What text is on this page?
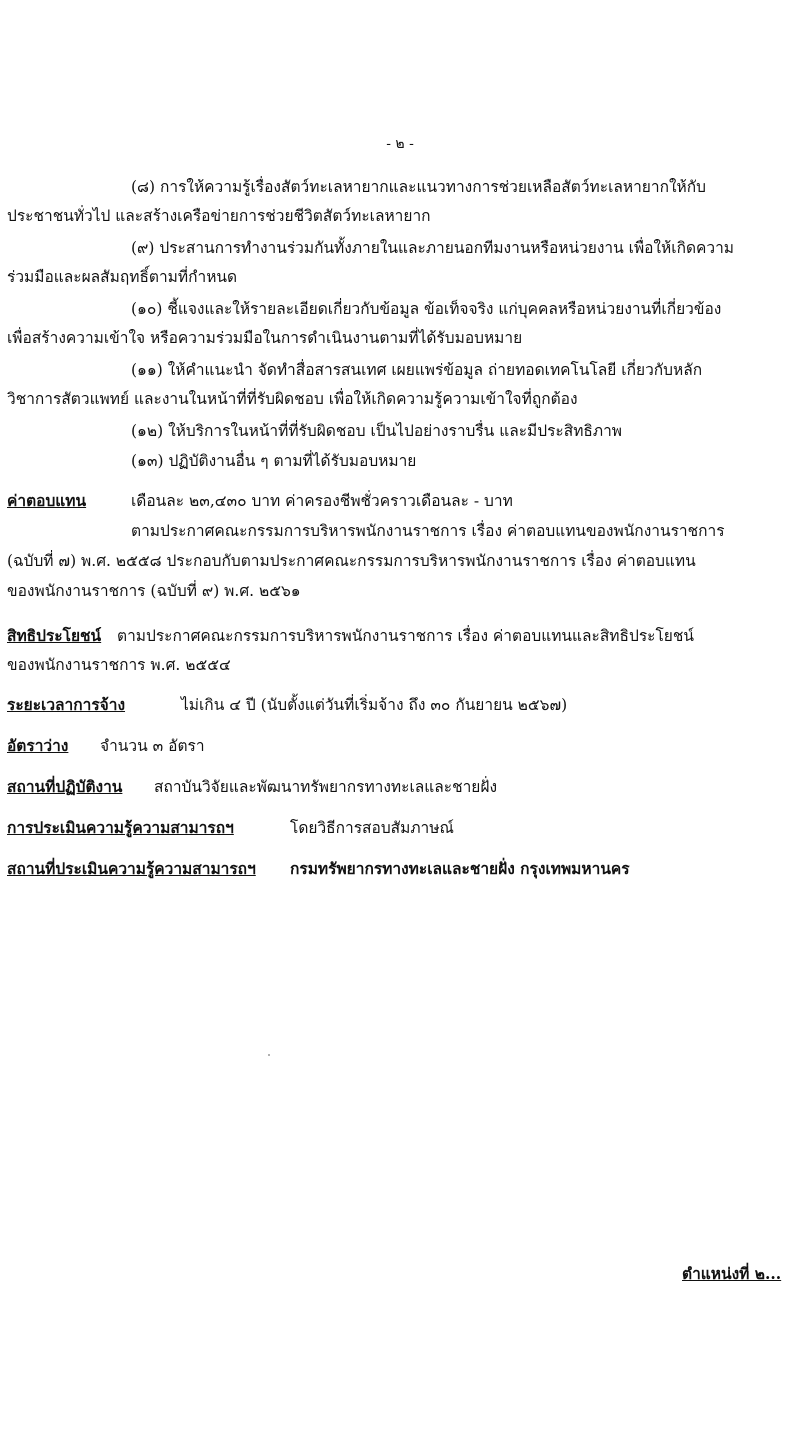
- ๒ -
(๘) การให้ความรู้เรื่องสัตว์ทะเลหายากและแนวทางการช่วยเหลือสัตว์ทะเลหายากให้กับ
ประชาชนทั่วไป และสร้างเครือข่ายการช่วยชีวิตสัตว์ทะเลหายาก
(๙) ประสานการทำงานร่วมกันทั้งภายในและภายนอกทีมงานหรือหน่วยงาน เพื่อให้เกิดความ
ร่วมมือและผลสัมฤทธิ์ตามที่กำหนด
(๑๐) ชี้แจงและให้รายละเอียดเกี่ยวกับข้อมูล ข้อเท็จจริง แก่บุคคลหรือหน่วยงานที่เกี่ยวข้อง
เพื่อสร้างความเข้าใจ หรือความร่วมมือในการดำเนินงานตามที่ได้รับมอบหมาย
(๑๑) ให้คำแนะนำ จัดทำสื่อสารสนเทศ เผยแพร่ข้อมูล ถ่ายทอดเทคโนโลยี เกี่ยวกับหลัก
วิชาการสัตวแพทย์ และงานในหน้าที่ที่รับผิดชอบ เพื่อให้เกิดความรู้ความเข้าใจที่ถูกต้อง
(๑๒) ให้บริการในหน้าที่ที่รับผิดชอบ เป็นไปอย่างราบรื่น และมีประสิทธิภาพ
(๑๓) ปฏิบัติงานอื่น ๆ ตามที่ได้รับมอบหมาย
ค่าตอบแทน	เดือนละ ๒๓,๔๓๐ บาท ค่าครองชีพชั่วคราวเดือนละ - บาท
ตามประกาศคณะกรรมการบริหารพนักงานราชการ เรื่อง ค่าตอบแทนของพนักงานราชการ
(ฉบับที่ ๗) พ.ศ. ๒๕๕๘ ประกอบกับตามประกาศคณะกรรมการบริหารพนักงานราชการ เรื่อง ค่าตอบแทน
ของพนักงานราชการ (ฉบับที่ ๙) พ.ศ. ๒๕๖๑
สิทธิประโยชน์ ตามประกาศคณะกรรมการบริหารพนักงานราชการ เรื่อง ค่าตอบแทนและสิทธิประโยชน์
ของพนักงานราชการ พ.ศ. ๒๕๕๔
ระยะเวลาการจ้าง	ไม่เกิน ๔ ปี (นับตั้งแต่วันที่เริ่มจ้าง ถึง ๓๐ กันยายน ๒๕๖๗)
อัตราว่าง จำนวน ๓ อัตรา
สถานที่ปฏิบัติงาน สถาบันวิจัยและพัฒนาทรัพยากรทางทะเลและชายฝั่ง
การประเมินความรู้ความสามารถฯ	โดยวิธีการสอบสัมภาษณ์
สถานที่ประเมินความรู้ความสามารถฯ กรมทรัพยากรทางทะเลและชายฝั่ง กรุงเทพมหานคร
ตำแหน่งที่ ๒...
